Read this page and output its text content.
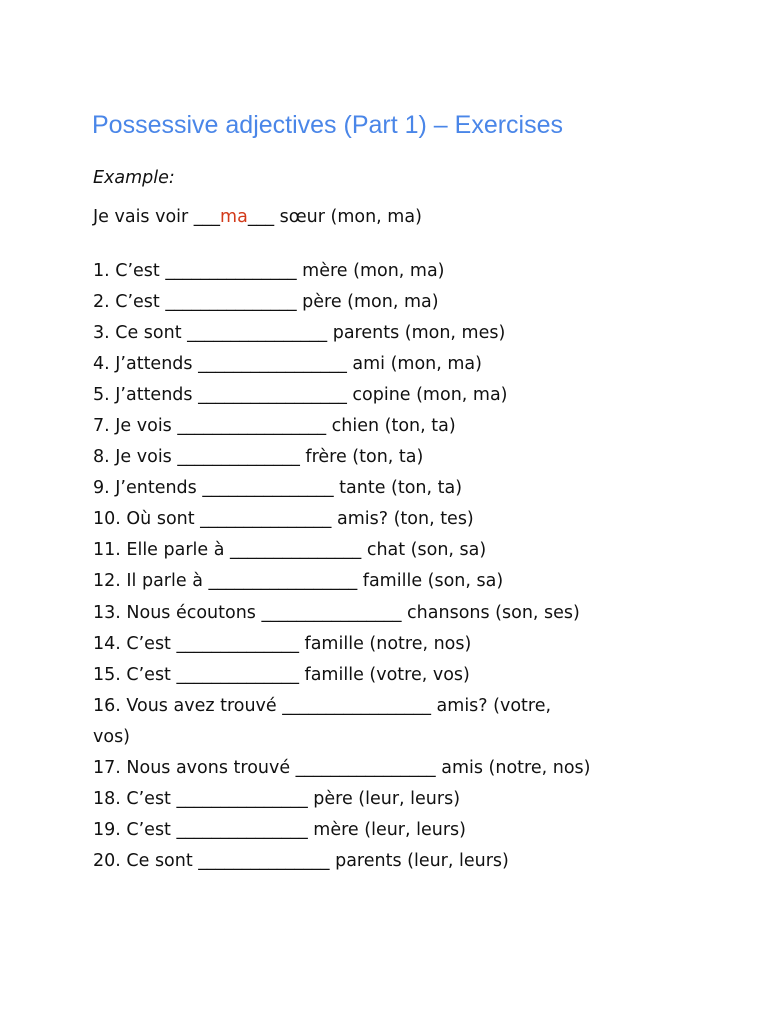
Possessive adjectives (Part 1) – Exercises
Example:
Je vais voir ___ma___ sœur (mon, ma)
1. C’est _______________ mère (mon, ma)
2. C’est _______________ père (mon, ma)
3. Ce sont ________________ parents (mon, mes)
4. J’attends _________________ ami (mon, ma)
5. J’attends _________________ copine (mon, ma)
7. Je vois _________________ chien (ton, ta)
8. Je vois ______________ frère (ton, ta)
9. J’entends _______________ tante (ton, ta)
10. Où sont _______________ amis? (ton, tes)
11. Elle parle à _______________ chat (son, sa)
12. Il parle à _________________ famille (son, sa)
13. Nous écoutons ________________ chansons (son, ses)
14. C’est ______________ famille (notre, nos)
15. C’est ______________ famille (votre, vos)
16. Vous avez trouvé _________________ amis? (votre,
vos)
17. Nous avons trouvé ________________ amis (notre, nos)
18. C’est _______________ père (leur, leurs)
19. C’est _______________ mère (leur, leurs)
20. Ce sont _______________ parents (leur, leurs)
